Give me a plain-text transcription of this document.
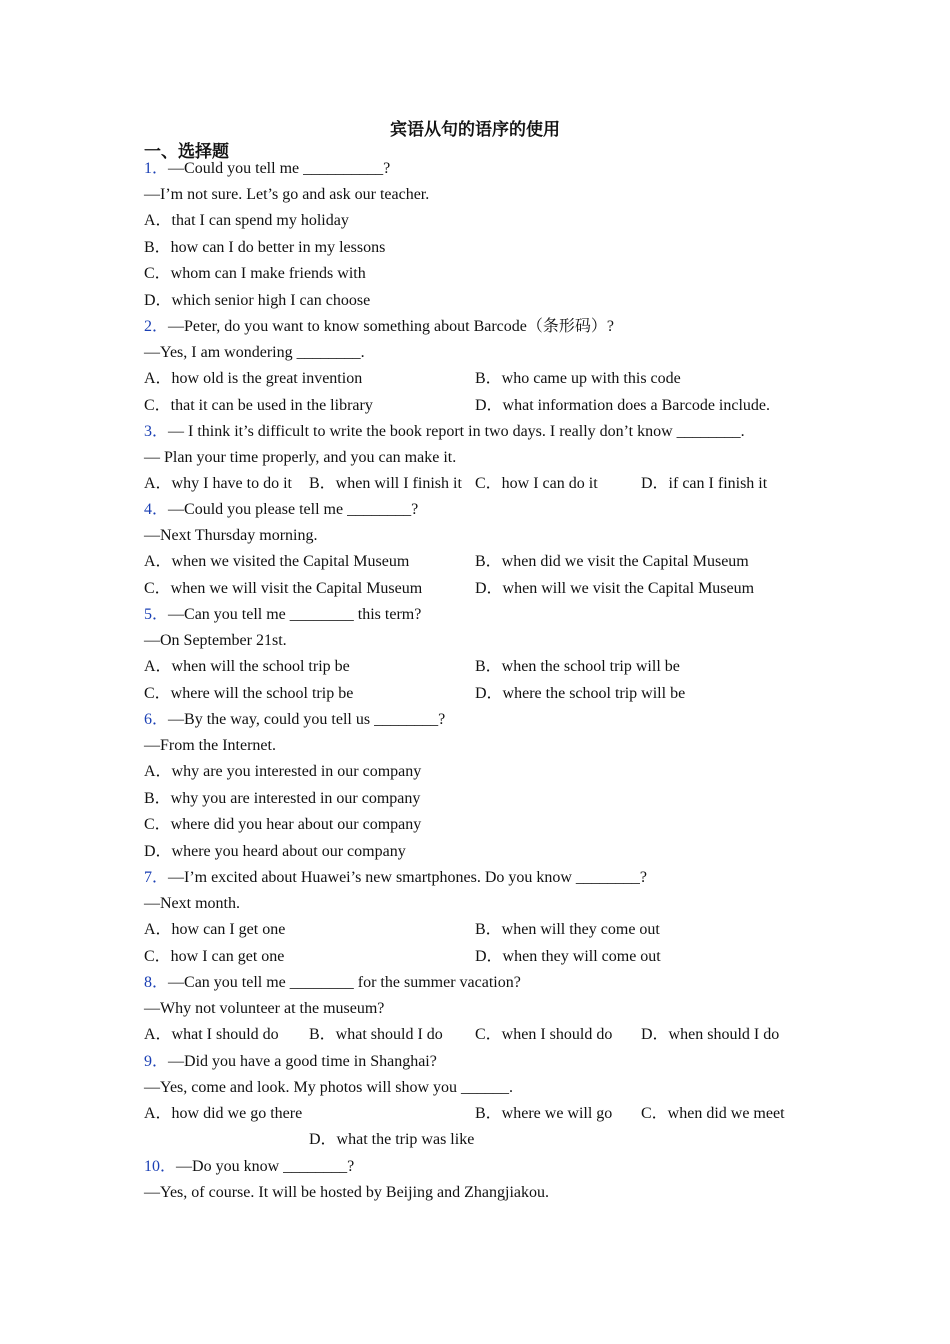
宾语从句的语序的使用
一、选择题
1．—Could you tell me __________?
—I’m not sure. Let’s go and ask our teacher.
A．that I can spend my holiday
B．how can I do better in my lessons
C．whom can I make friends with
D．which senior high I can choose
2．—Peter, do you want to know something about Barcode（条形码）?
—Yes, I am wondering ________.
A．how old is the great invention	B．who came up with this code
C．that it can be used in the library	D．what information does a Barcode include.
3．— I think it’s difficult to write the book report in two days. I really don’t know ________.
— Plan your time properly, and you can make it.
A．why I have to do it B．when will I finish it C．how I can do it	D．if can I finish it
4．—Could you please tell me ________?
—Next Thursday morning.
A．when we visited the Capital Museum	B．when did we visit the Capital Museum
C．when we will visit the Capital Museum	D．when will we visit the Capital Museum
5．—Can you tell me ________ this term?
—On September 21st.
A．when will the school trip be	B．when the school trip will be
C．where will the school trip be	D．where the school trip will be
6．—By the way, could you tell us ________?
—From the Internet.
A．why are you interested in our company
B．why you are interested in our company
C．where did you hear about our company
D．where you heard about our company
7．—I’m excited about Huawei’s new smartphones. Do you know ________?
—Next month.
A．how can I get one	B．when will they come out
C．how I can get one	D．when they will come out
8．—Can you tell me ________ for the summer vacation?
—Why not volunteer at the museum?
A．what I should do B．what should I do C．when I should do D．when should I do
9．—Did you have a good time in Shanghai?
—Yes, come and look. My photos will show you ______.
A．how did we go there	B．where we will go C．when did we meet
D．what the trip was like
10．—Do you know ________?
—Yes, of course. It will be hosted by Beijing and Zhangjiakou.
